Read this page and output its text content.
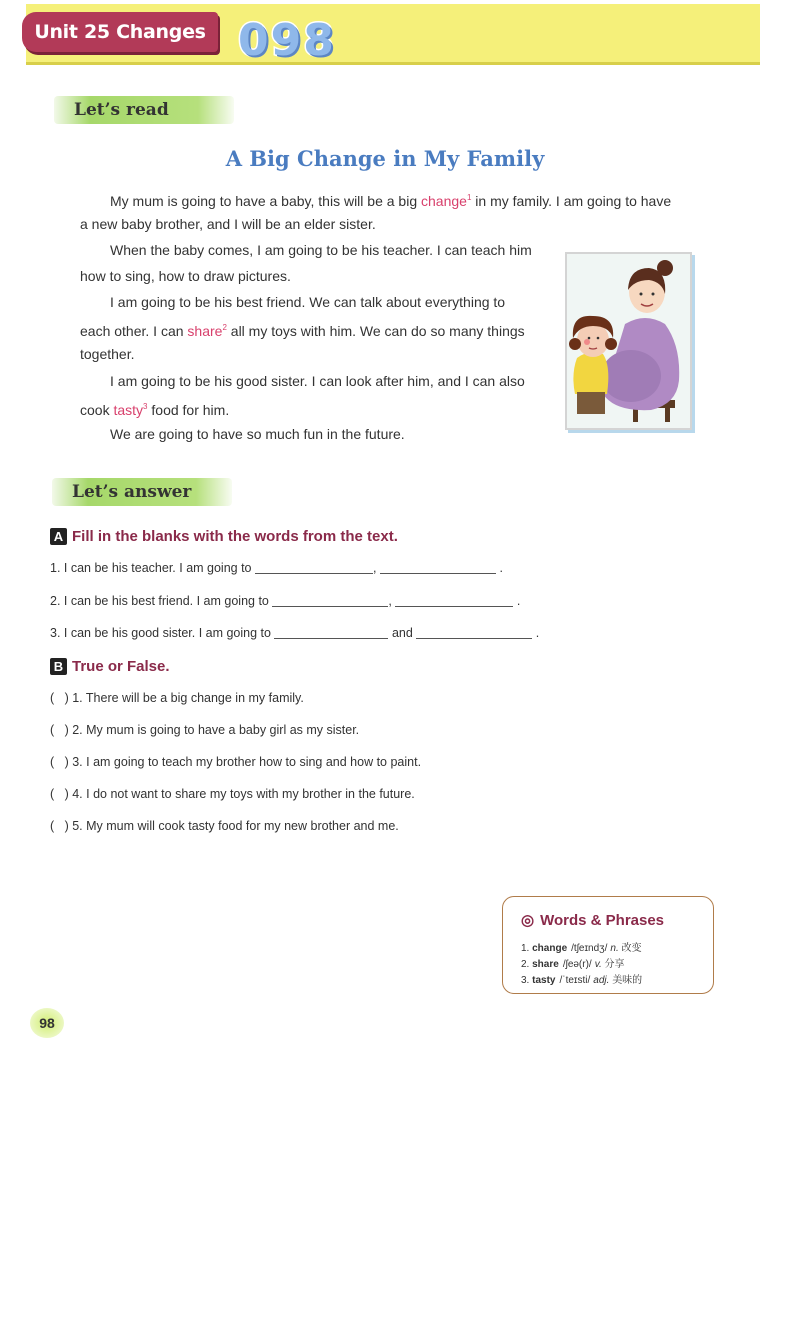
Unit 25 Changes 098
Let’s read
A Big Change in My Family

My mum is going to have a baby, this will be a big change$^1$ in my family. I am going to have

a new baby brother, and I will be an elder sister.

When the baby comes, I am going to be his teacher. I can teach him

how to sing, how to draw pictures.

I am going to be his best friend. We can talk about everything to

each other. I can share$^2$ all my toys with him. We can do so many things

together.

I am going to be his good sister. I can look after him, and I can also

cook tasty$^3$ food for him.

We are going to have so much fun in the future.

Let’s answer
A Fill in the blanks with the words from the text.
1. I can be his teacher. I am going to	,	.
2. I can be his best friend. I am going to	,	.
3. I can be his good sister. I am going to	and	.
B True or False.
(   ) 1. There will be a big change in my family.
(   ) 2. My mum is going to have a baby girl as my sister.
(   ) 3. I am going to teach my brother how to sing and how to paint.
(   ) 4. I do not want to share my toys with my brother in the future.
(   ) 5. My mum will cook tasty food for my new brother and me.
◎ Words & Phrases
1. change /tʃeɪndʒ/ n. 改变
2. share /ʃeə(r)/ v. 分享
3. tasty /ˈteɪsti/ adj. 美味的
98
